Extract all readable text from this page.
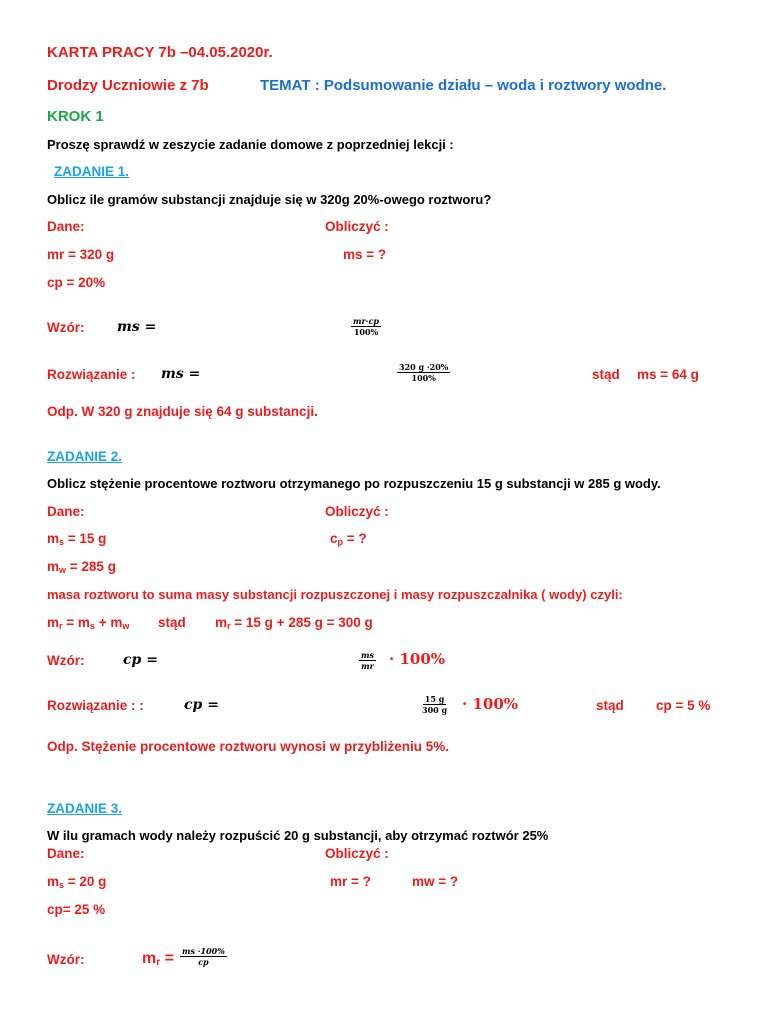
KARTA PRACY 7b –04.05.2020r.
Drodzy Uczniowie z 7b	TEMAT : Podsumowanie działu – woda i roztwory wodne.
KROK 1
Proszę sprawdź w zeszycie zadanie domowe z poprzedniej lekcji :
ZADANIE 1.
Oblicz ile gramów substancji znajduje się w 320g 20%-owego roztworu?
Dane:	Obliczyć :
mr = 320 g	ms = ?
cp = 20%
Wzór: ms =	$\frac{mr\cdot cp}{100\%}$
Rozwiązanie : ms =	$\frac{320 g \cdot 20\%}{100\%}$	stąd ms = 64 g
Odp. W 320 g znajduje się 64 g substancji.
ZADANIE 2.
Oblicz stężenie procentowe roztworu otrzymanego po rozpuszczeniu 15 g substancji w 285 g wody.
Dane:	Obliczyć :
$m_s = 15$ g	$c_p$ = ?
$m_w = 285$ g
masa roztworu to suma masy substancji rozpuszczonej i masy rozpuszczalnika ( wody) czyli:
$m_r = m_s + m_w$ stąd $m_r = 15$ g + 285 g = 300 g
Wzór:	cp =	$\frac{ms}{mr} \cdot 100\%$
Rozwiązanie : :	cp =	$\frac{15 g}{300 g} \cdot 100\%$	stąd cp = 5 %
Odp. Stężenie procentowe roztworu wynosi w przybliżeniu 5%.
ZADANIE 3.
W ilu gramach wody należy rozpuścić 20 g substancji, aby otrzymać roztwór 25%
Dane:	Obliczyć :
$m_s = 20$ g	mr = ?	mw = ?
cp= 25 %
Wzór:	$m_r = \frac{ms \cdot 100\%}{cp}$
